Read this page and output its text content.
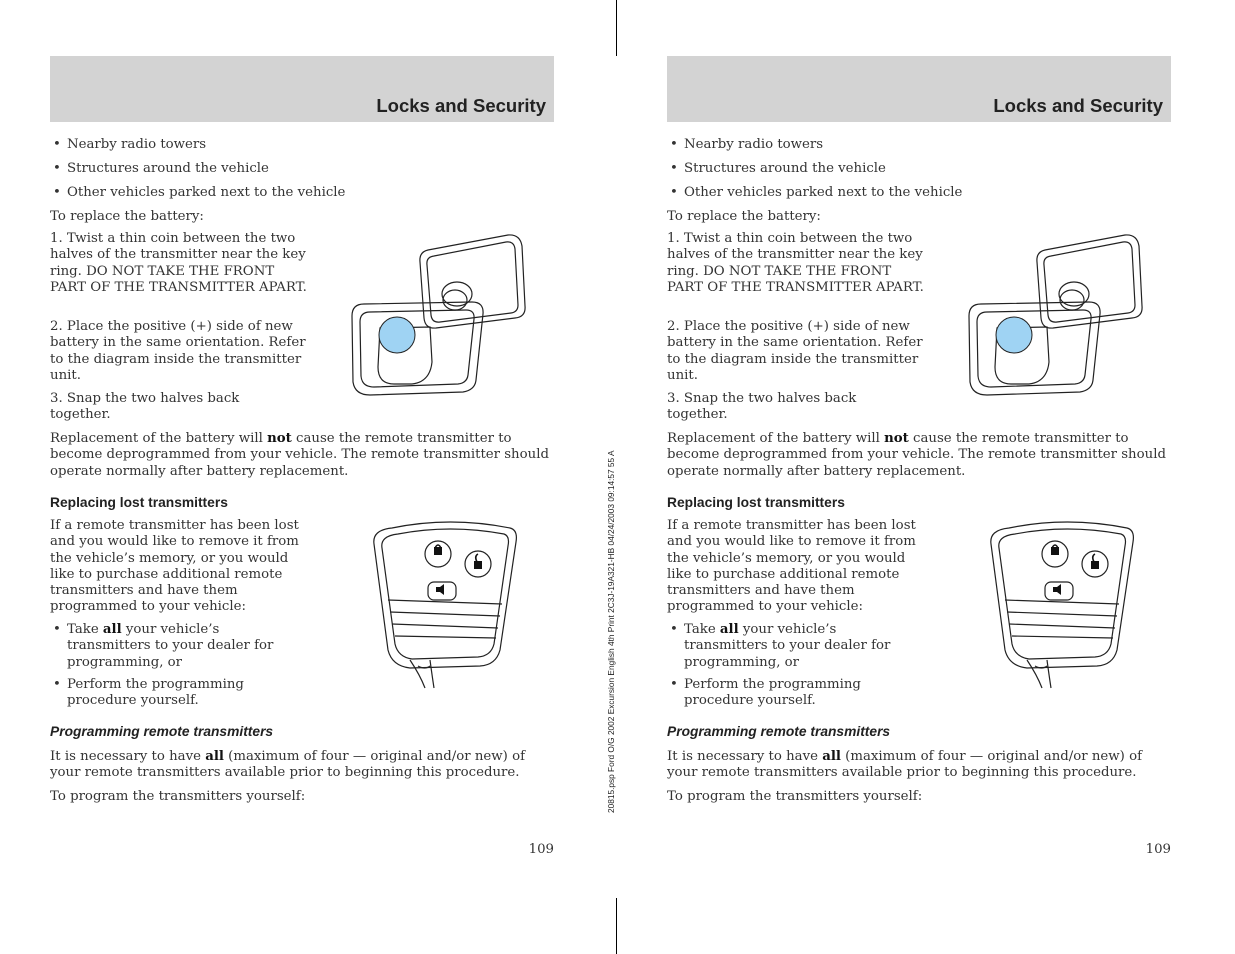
20815.psp Ford O/G 2002 Excursion English 4th Print 2C3J-19A321-HB 04/24/2003 09:14:57 55 A
Locks and Security
• Nearby radio towers
• Structures around the vehicle
• Other vehicles parked next to the vehicle
To replace the battery:
1. Twist a thin coin between the two halves of the transmitter near the key ring. DO NOT TAKE THE FRONT PART OF THE TRANSMITTER APART.
2. Place the positive (+) side of new battery in the same orientation. Refer to the diagram inside the transmitter unit.
3. Snap the two halves back together.
Replacement of the battery will not cause the remote transmitter to become deprogrammed from your vehicle. The remote transmitter should operate normally after battery replacement.
Replacing lost transmitters
If a remote transmitter has been lost and you would like to remove it from the vehicle’s memory, or you would like to purchase additional remote transmitters and have them programmed to your vehicle:
• Take all your vehicle’s transmitters to your dealer for programming, or
• Perform the programming procedure yourself.
Programming remote transmitters
It is necessary to have all (maximum of four — original and/or new) of your remote transmitters available prior to beginning this procedure.
To program the transmitters yourself:
109
Locks and Security
• Nearby radio towers
• Structures around the vehicle
• Other vehicles parked next to the vehicle
To replace the battery:
1. Twist a thin coin between the two halves of the transmitter near the key ring. DO NOT TAKE THE FRONT PART OF THE TRANSMITTER APART.
2. Place the positive (+) side of new battery in the same orientation. Refer to the diagram inside the transmitter unit.
3. Snap the two halves back together.
Replacement of the battery will not cause the remote transmitter to become deprogrammed from your vehicle. The remote transmitter should operate normally after battery replacement.
Replacing lost transmitters
If a remote transmitter has been lost and you would like to remove it from the vehicle’s memory, or you would like to purchase additional remote transmitters and have them programmed to your vehicle:
• Take all your vehicle’s transmitters to your dealer for programming, or
• Perform the programming procedure yourself.
Programming remote transmitters
It is necessary to have all (maximum of four — original and/or new) of your remote transmitters available prior to beginning this procedure.
To program the transmitters yourself:
109
